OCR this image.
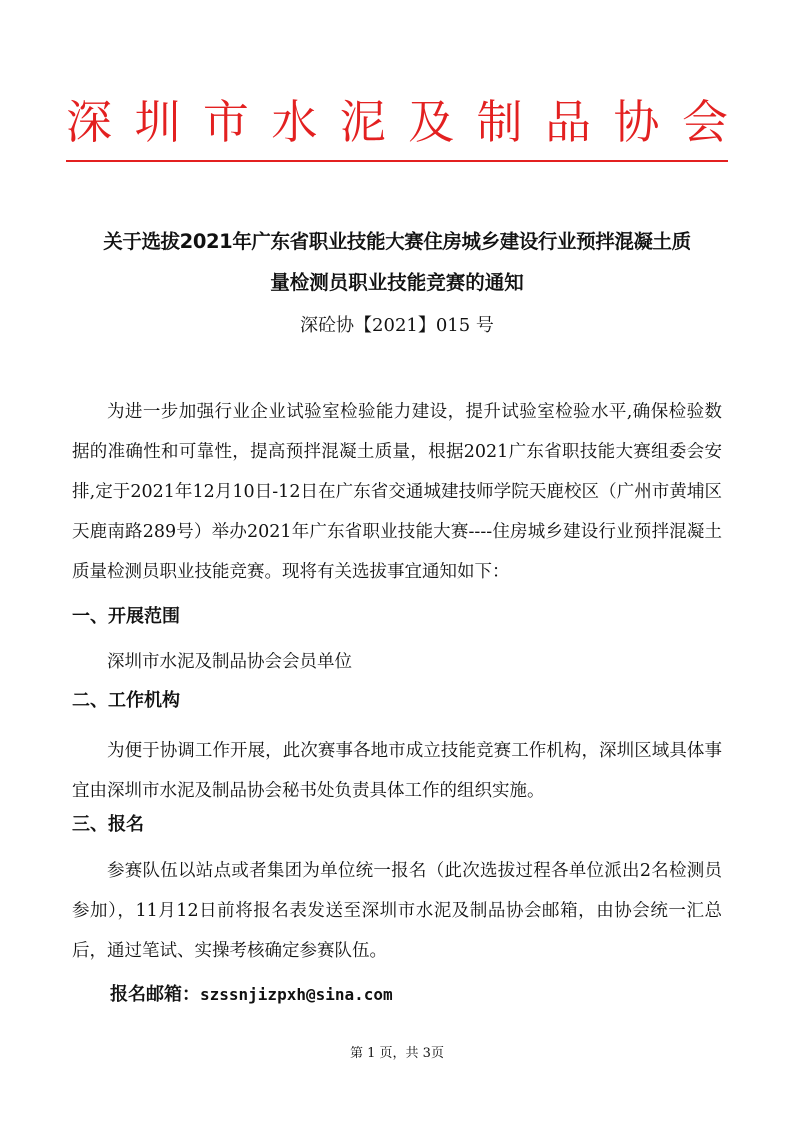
深 圳 市 水 泥 及 制 品 协 会
关于选拔2021年广东省职业技能大赛住房城乡建设行业预拌混凝土质
量检测员职业技能竞赛的通知
深砼协【2021】015 号
为进一步加强行业企业试验室检验能力建设，提升试验室检验水平,确保检验数据的准确性和可靠性，提高预拌混凝土质量，根据2021广东省职技能大赛组委会安排,定于2021年12月10日-12日在广东省交通城建技师学院天鹿校区（广州市黄埔区天鹿南路289号）举办2021年广东省职业技能大赛----住房城乡建设行业预拌混凝土质量检测员职业技能竞赛。现将有关选拔事宜通知如下：
一、开展范围
深圳市水泥及制品协会会员单位
二、工作机构
为便于协调工作开展，此次赛事各地市成立技能竞赛工作机构，深圳区域具体事宜由深圳市水泥及制品协会秘书处负责具体工作的组织实施。
三、报名
参赛队伍以站点或者集团为单位统一报名（此次选拔过程各单位派出2名检测员参加），11月12日前将报名表发送至深圳市水泥及制品协会邮箱，由协会统一汇总后，通过笔试、实操考核确定参赛队伍。
报名邮箱：szssnjizpxh@sina.com
第 1 页，共 3页
